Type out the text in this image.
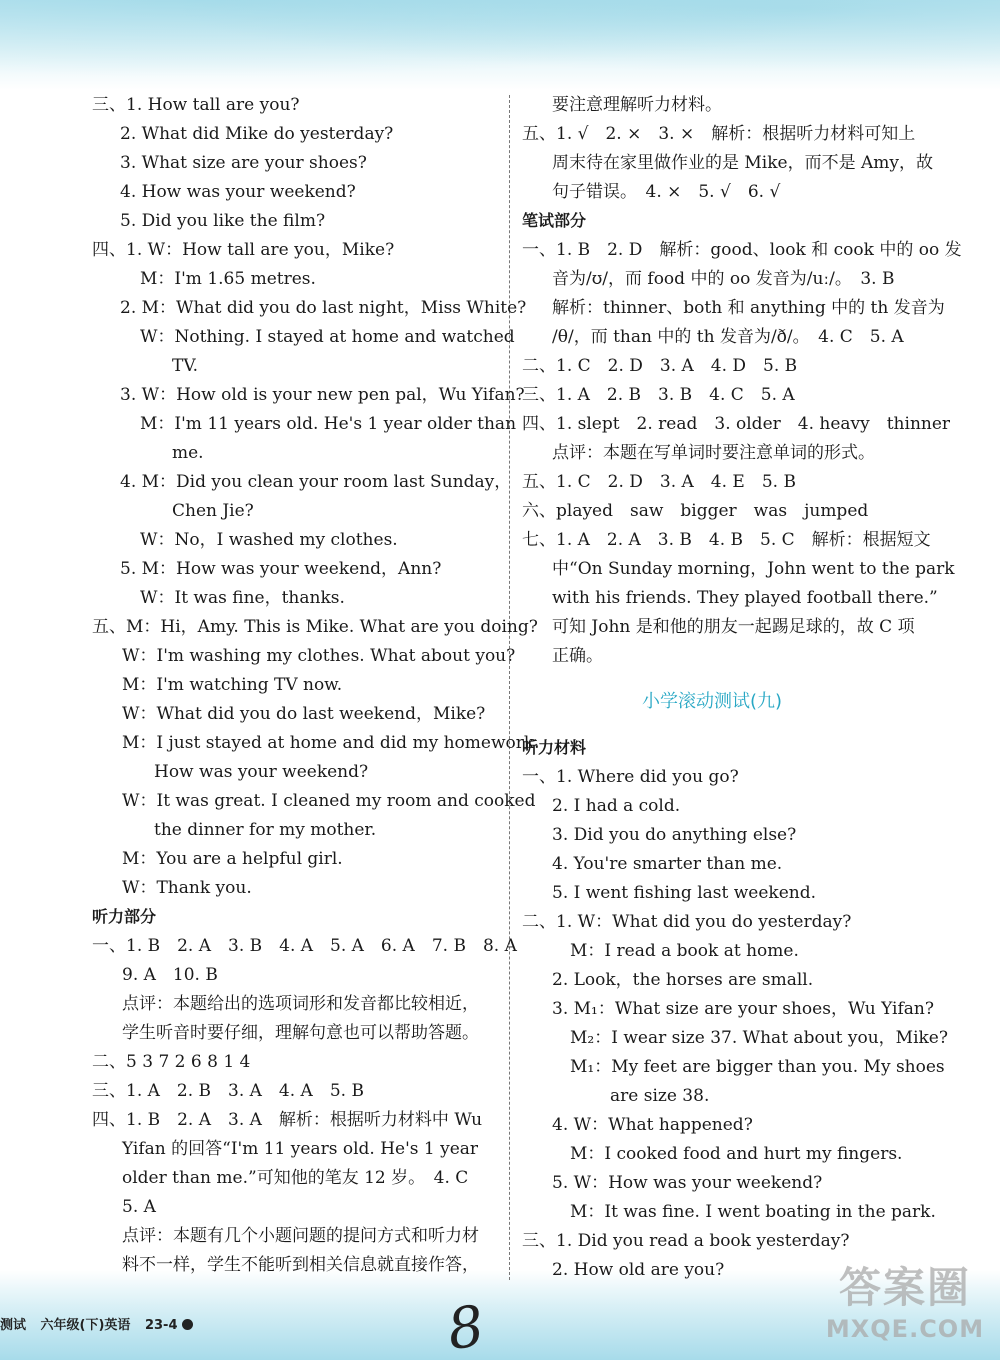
三、1. How tall are you?
2. What did Mike do yesterday?
3. What size are your shoes?
4. How was your weekend?
5. Did you like the film?
四、1. W：How tall are you，Mike?
M：I'm 1.65 metres.
2. M：What did you do last night，Miss White?
W：Nothing. I stayed at home and watched
TV.
3. W：How old is your new pen pal，Wu Yifan?
M：I'm 11 years old. He's 1 year older than
me.
4. M：Did you clean your room last Sunday，
Chen Jie?
W：No，I washed my clothes.
5. M：How was your weekend，Ann?
W：It was fine，thanks.
五、M：Hi，Amy. This is Mike. What are you doing?
W：I'm washing my clothes. What about you?
M：I'm watching TV now.
W：What did you do last weekend，Mike?
M：I just stayed at home and did my homework.
How was your weekend?
W：It was great. I cleaned my room and cooked
the dinner for my mother.
M：You are a helpful girl.
W：Thank you.
听力部分
一、1. B　2. A　3. B　4. A　5. A　6. A　7. B　8. A
9. A　10. B
点评：本题给出的选项词形和发音都比较相近，
学生听音时要仔细，理解句意也可以帮助答题。
二、5 3 7 2 6 8 1 4
三、1. A　2. B　3. A　4. A　5. B
四、1. B　2. A　3. A　解析：根据听力材料中 Wu
Yifan 的回答“I'm 11 years old. He's 1 year
older than me.”可知他的笔友 12 岁。　4. C
5. A
点评：本题有几个小题问题的提问方式和听力材
料不一样，学生不能听到相关信息就直接作答，
要注意理解听力材料。
五、1. √　2. ×　3. ×　解析：根据听力材料可知上
周末待在家里做作业的是 Mike，而不是 Amy，故
句子错误。　4. ×　5. √　6. √
笔试部分
一、1. B　2. D　解析：good、look 和 cook 中的 oo 发
音为/ʊ/，而 food 中的 oo 发音为/uː/。　3. B
解析：thinner、both 和 anything 中的 th 发音为
/θ/，而 than 中的 th 发音为/ð/。　4. C　5. A
二、1. C　2. D　3. A　4. D　5. B
三、1. A　2. B　3. B　4. C　5. A
四、1. slept　2. read　3. older　4. heavy　thinner
点评：本题在写单词时要注意单词的形式。
五、1. C　2. D　3. A　4. E　5. B
六、played　saw　bigger　was　jumped
七、1. A　2. A　3. B　4. B　5. C　解析：根据短文
中“On Sunday morning，John went to the park
with his friends. They played football there.”
可知 John 是和他的朋友一起踢足球的，故 C 项
正确。
小学滚动测试(九)
听力材料
一、1. Where did you go?
2. I had a cold.
3. Did you do anything else?
4. You're smarter than me.
5. I went fishing last weekend.
二、1. W：What did you do yesterday?
M：I read a book at home.
2. Look，the horses are small.
3. M₁：What size are your shoes，Wu Yifan?
M₂：I wear size 37. What about you，Mike?
M₁：My feet are bigger than you. My shoes
are size 38.
4. W：What happened?
M：I cooked food and hurt my fingers.
5. W：How was your weekend?
M：It was fine. I went boating in the park.
三、1. Did you read a book yesterday?
2. How old are you?
测试 六年级(下)英语 23-4	8
答案圈
MXQE.COM
